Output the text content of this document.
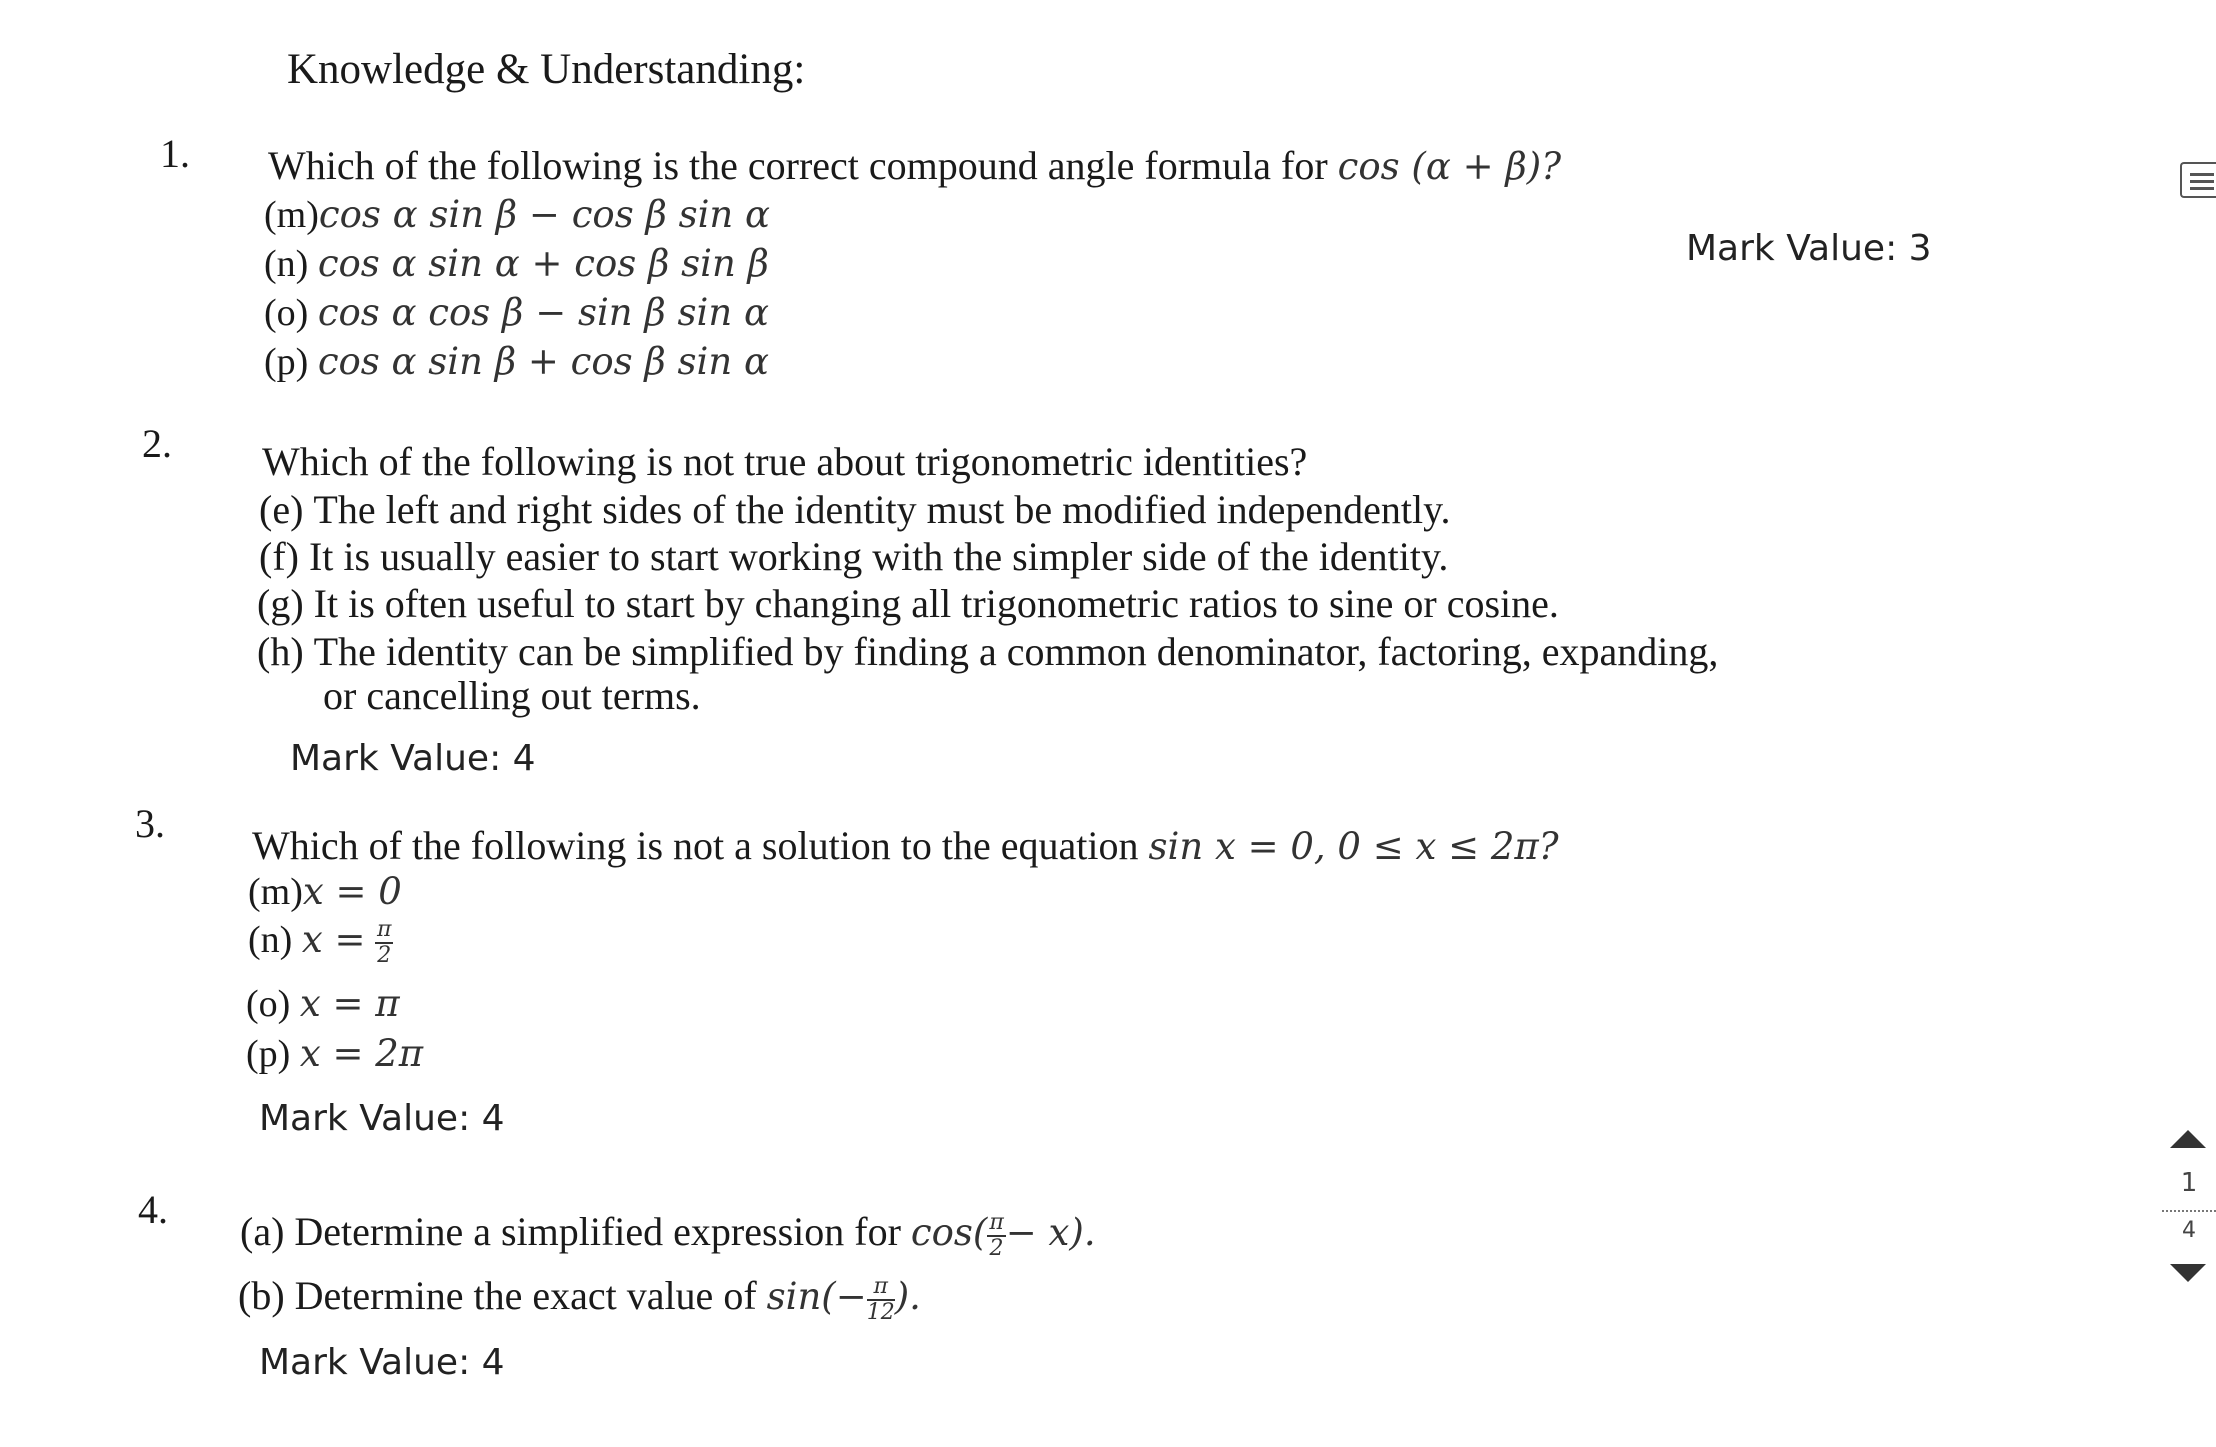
Knowledge & Understanding:
1. Which of the following is the correct compound angle formula for cos (α + β)?
(m)cos α sin β − cos β sin α
(n) cos α sin α + cos β sin β
(o) cos α cos β − sin β sin α
(p) cos α sin β + cos β sin α
Mark Value: 3
2. Which of the following is not true about trigonometric identities?
(e) The left and right sides of the identity must be modified independently.
(f) It is usually easier to start working with the simpler side of the identity.
(g) It is often useful to start by changing all trigonometric ratios to sine or cosine.
(h) The identity can be simplified by finding a common denominator, factoring, expanding,
or cancelling out terms.
Mark Value: 4
3. Which of the following is not a solution to the equation sin x = 0, 0 ≤ x ≤ 2π?
(m)x = 0
(n) $x = \frac{\pi}{2}$
(o) x = π
(p) x = 2π
Mark Value: 4
4. (a) Determine a simplified expression for $\cos( \frac{\pi}{2} - x)$.
(b) Determine the exact value of $\sin(- \frac{\pi}{12}$ ).
Mark Value: 4
1
4
